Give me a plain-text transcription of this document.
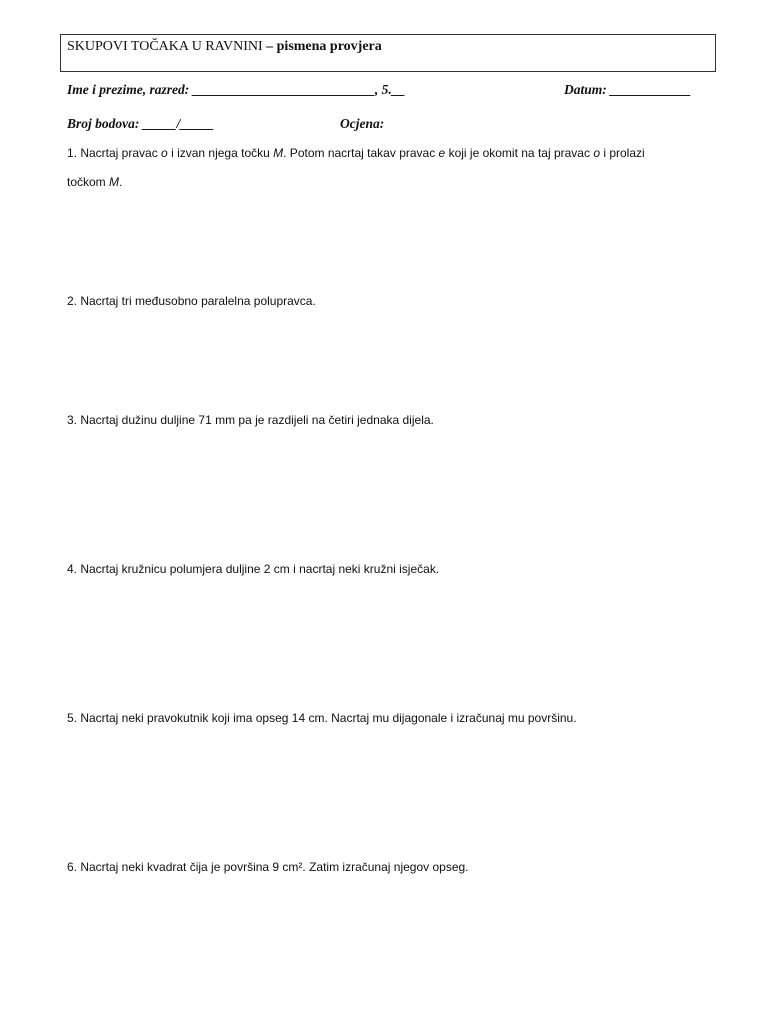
SKUPOVI TOČAKA U RAVNINI – pismena provjera
Ime i prezime, razred: ___________________________, 5.__	Datum: ____________
Broj bodova: _____/_____	Ocjena:
1. Nacrtaj pravac o i izvan njega točku M. Potom nacrtaj takav pravac e koji je okomit na taj pravac o i prolazi
točkom M.
2. Nacrtaj tri međusobno paralelna polupravca.
3. Nacrtaj dužinu duljine 71 mm pa je razdijeli na četiri jednaka dijela.
4. Nacrtaj kružnicu polumjera duljine 2 cm i nacrtaj neki kružni isječak.
5. Nacrtaj neki pravokutnik koji ima opseg 14 cm. Nacrtaj mu dijagonale i izračunaj mu površinu.
6. Nacrtaj neki kvadrat čija je površina 9 cm². Zatim izračunaj njegov opseg.
